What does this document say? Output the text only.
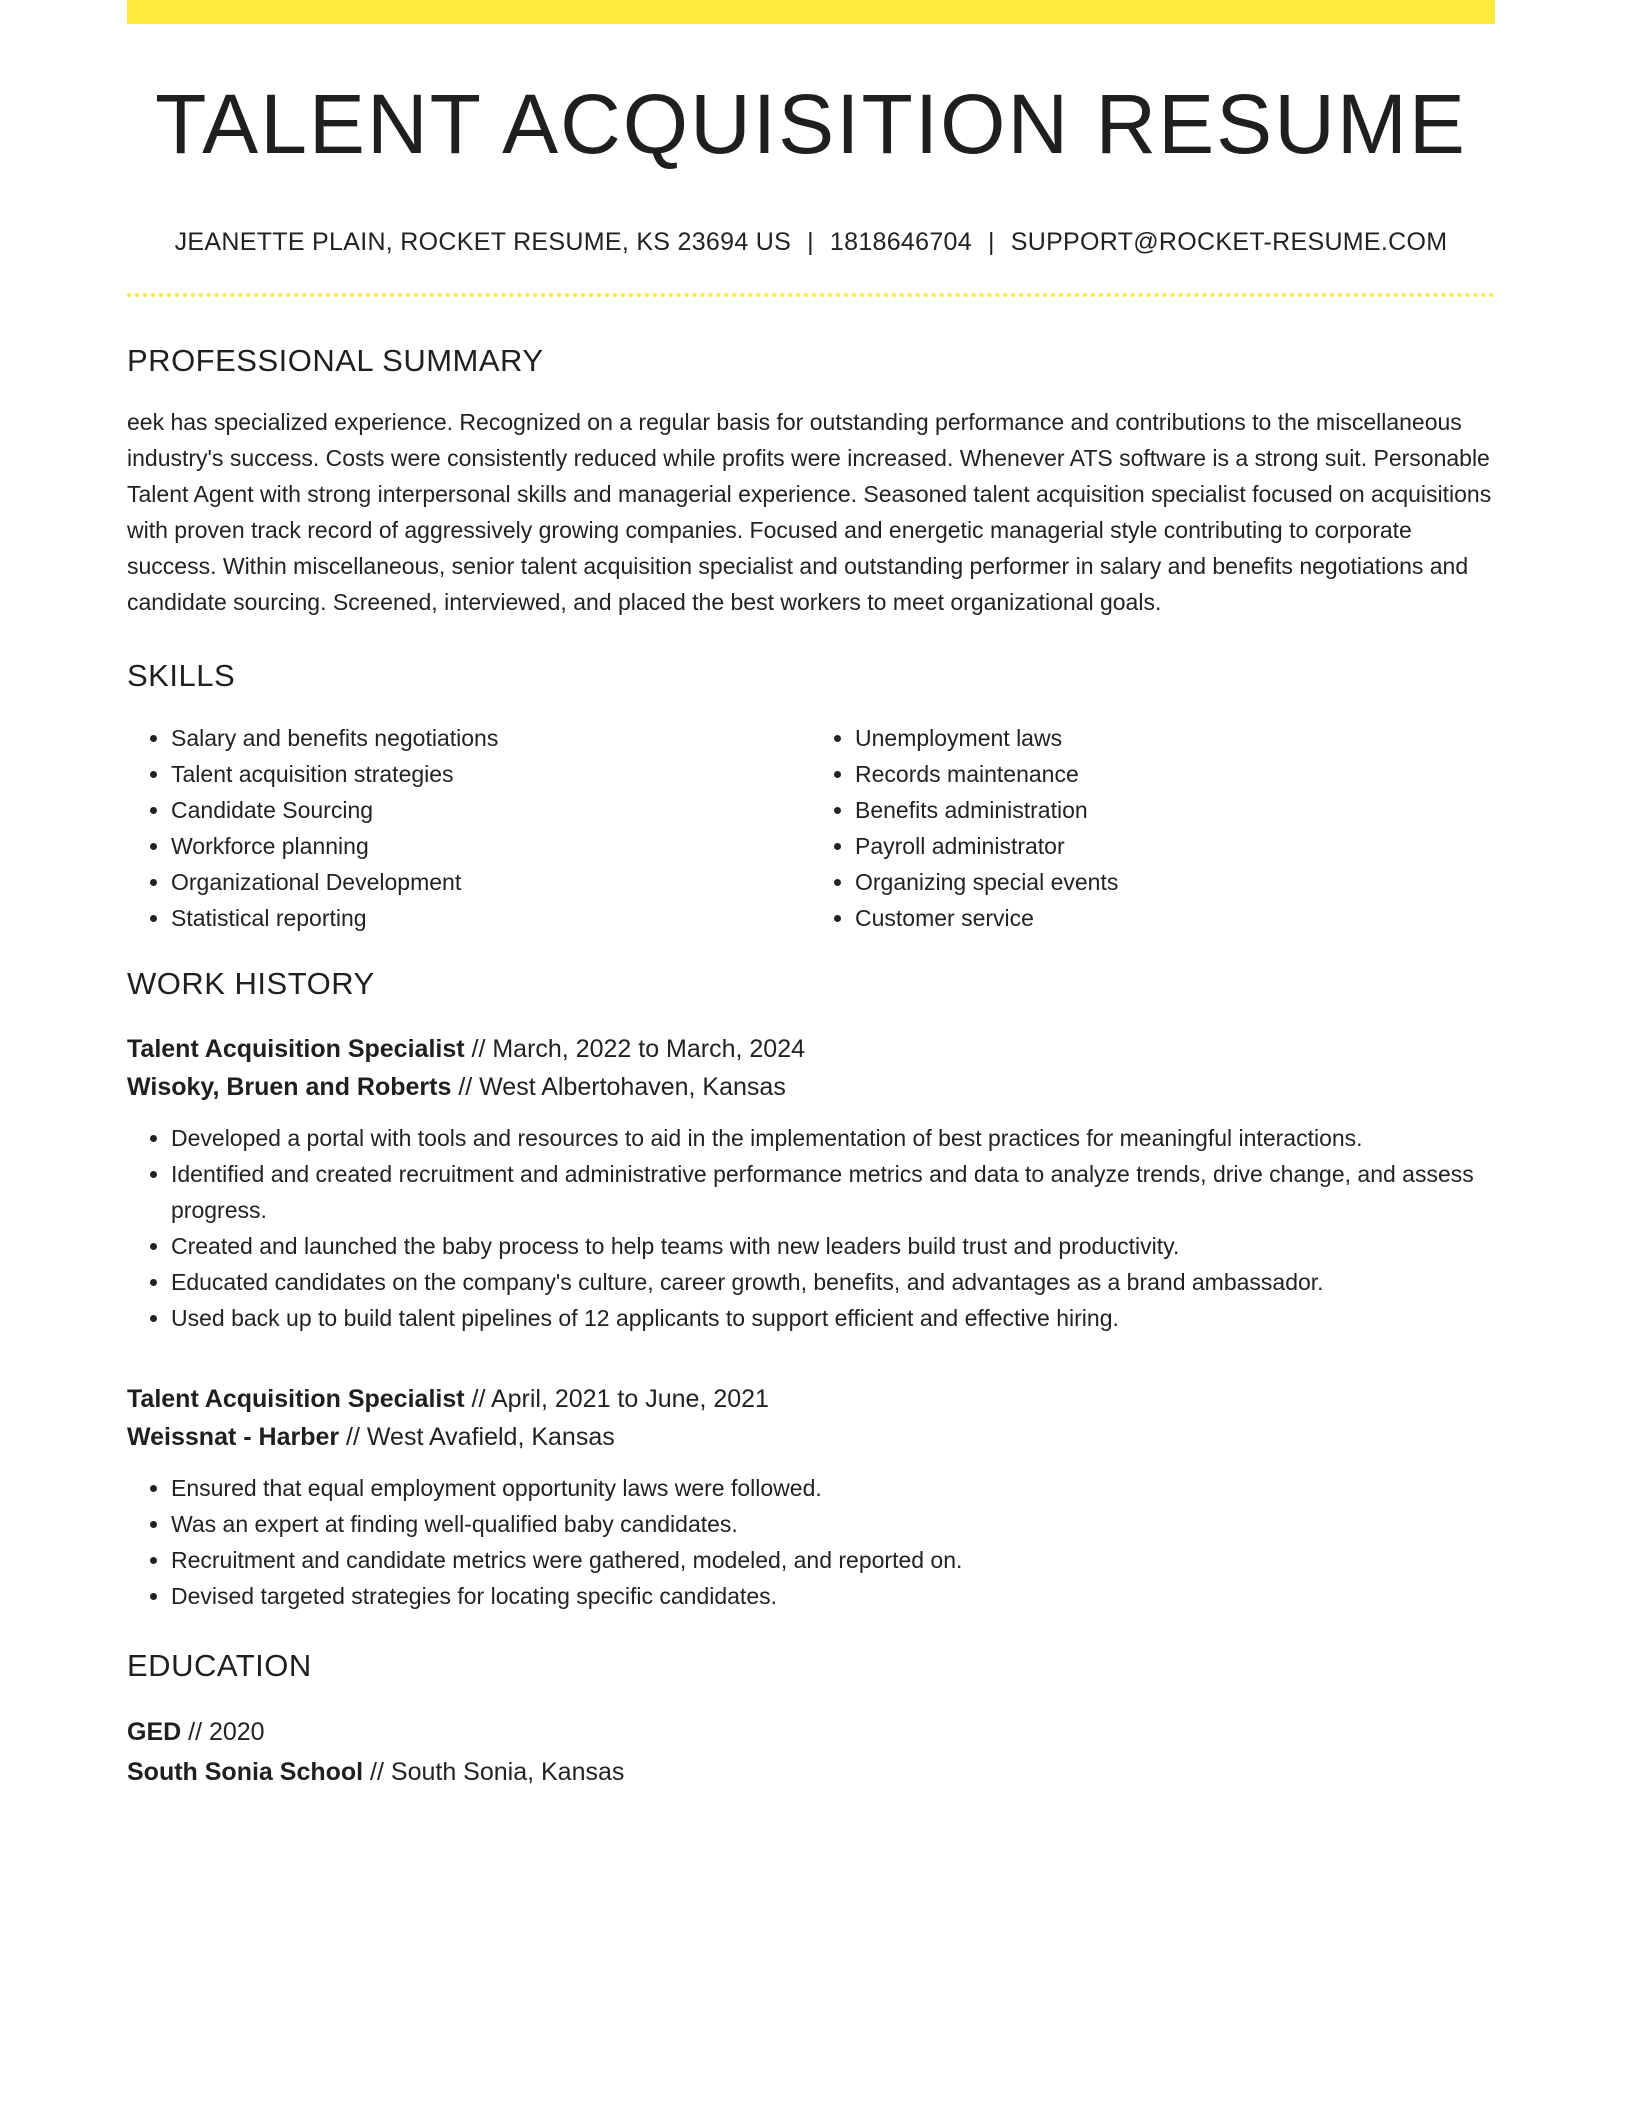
TALENT ACQUISITION RESUME
JEANETTE PLAIN, ROCKET RESUME, KS 23694 US | 1818646704 | SUPPORT@ROCKET-RESUME.COM
PROFESSIONAL SUMMARY
eek has specialized experience. Recognized on a regular basis for outstanding performance and contributions to the miscellaneous industry's success. Costs were consistently reduced while profits were increased. Whenever ATS software is a strong suit. Personable Talent Agent with strong interpersonal skills and managerial experience. Seasoned talent acquisition specialist focused on acquisitions with proven track record of aggressively growing companies. Focused and energetic managerial style contributing to corporate success. Within miscellaneous, senior talent acquisition specialist and outstanding performer in salary and benefits negotiations and candidate sourcing. Screened, interviewed, and placed the best workers to meet organizational goals.
SKILLS
• Salary and benefits negotiations
• Talent acquisition strategies
• Candidate Sourcing
• Workforce planning
• Organizational Development
• Statistical reporting
• Unemployment laws
• Records maintenance
• Benefits administration
• Payroll administrator
• Organizing special events
• Customer service
WORK HISTORY
Talent Acquisition Specialist // March, 2022 to March, 2024
Wisoky, Bruen and Roberts // West Albertohaven, Kansas
• Developed a portal with tools and resources to aid in the implementation of best practices for meaningful interactions.
• Identified and created recruitment and administrative performance metrics and data to analyze trends, drive change, and assess progress.
• Created and launched the baby process to help teams with new leaders build trust and productivity.
• Educated candidates on the company's culture, career growth, benefits, and advantages as a brand ambassador.
• Used back up to build talent pipelines of 12 applicants to support efficient and effective hiring.
Talent Acquisition Specialist // April, 2021 to June, 2021
Weissnat - Harber // West Avafield, Kansas
• Ensured that equal employment opportunity laws were followed.
• Was an expert at finding well-qualified baby candidates.
• Recruitment and candidate metrics were gathered, modeled, and reported on.
• Devised targeted strategies for locating specific candidates.
EDUCATION
GED // 2020
South Sonia School // South Sonia, Kansas
